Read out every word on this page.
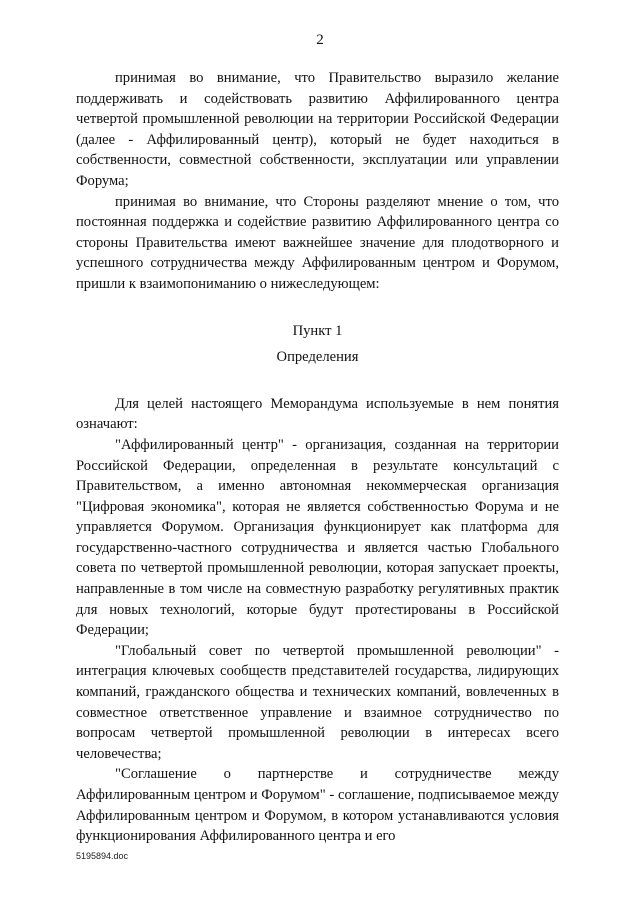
2

принимая во внимание, что Правительство выразило желание поддерживать и содействовать развитию Аффилированного центра четвертой промышленной революции на территории Российской Федерации (далее - Аффилированный центр), который не будет находиться в собственности, совместной собственности, эксплуатации или управлении Форума;

принимая во внимание, что Стороны разделяют мнение о том, что постоянная поддержка и содействие развитию Аффилированного центра со стороны Правительства имеют важнейшее значение для плодотворного и успешного сотрудничества между Аффилированным центром и Форумом, пришли к взаимопониманию о нижеследующем:

Пункт 1

Определения

Для целей настоящего Меморандума используемые в нем понятия означают:

"Аффилированный центр" - организация, созданная на территории Российской Федерации, определенная в результате консультаций с Правительством, а именно автономная некоммерческая организация "Цифровая экономика", которая не является собственностью Форума и не управляется Форумом. Организация функционирует как платформа для государственно-частного сотрудничества и является частью Глобального совета по четвертой промышленной революции, которая запускает проекты, направленные в том числе на совместную разработку регулятивных практик для новых технологий, которые будут протестированы в Российской Федерации;

"Глобальный совет по четвертой промышленной революции" - интеграция ключевых сообществ представителей государства, лидирующих компаний, гражданского общества и технических компаний, вовлеченных в совместное ответственное управление и взаимное сотрудничество по вопросам четвертой промышленной революции в интересах всего человечества;

"Соглашение о партнерстве и сотрудничестве между Аффилированным центром и Форумом" - соглашение, подписываемое между Аффилированным центром и Форумом, в котором устанавливаются условия функционирования Аффилированного центра и его

5195894.doc
